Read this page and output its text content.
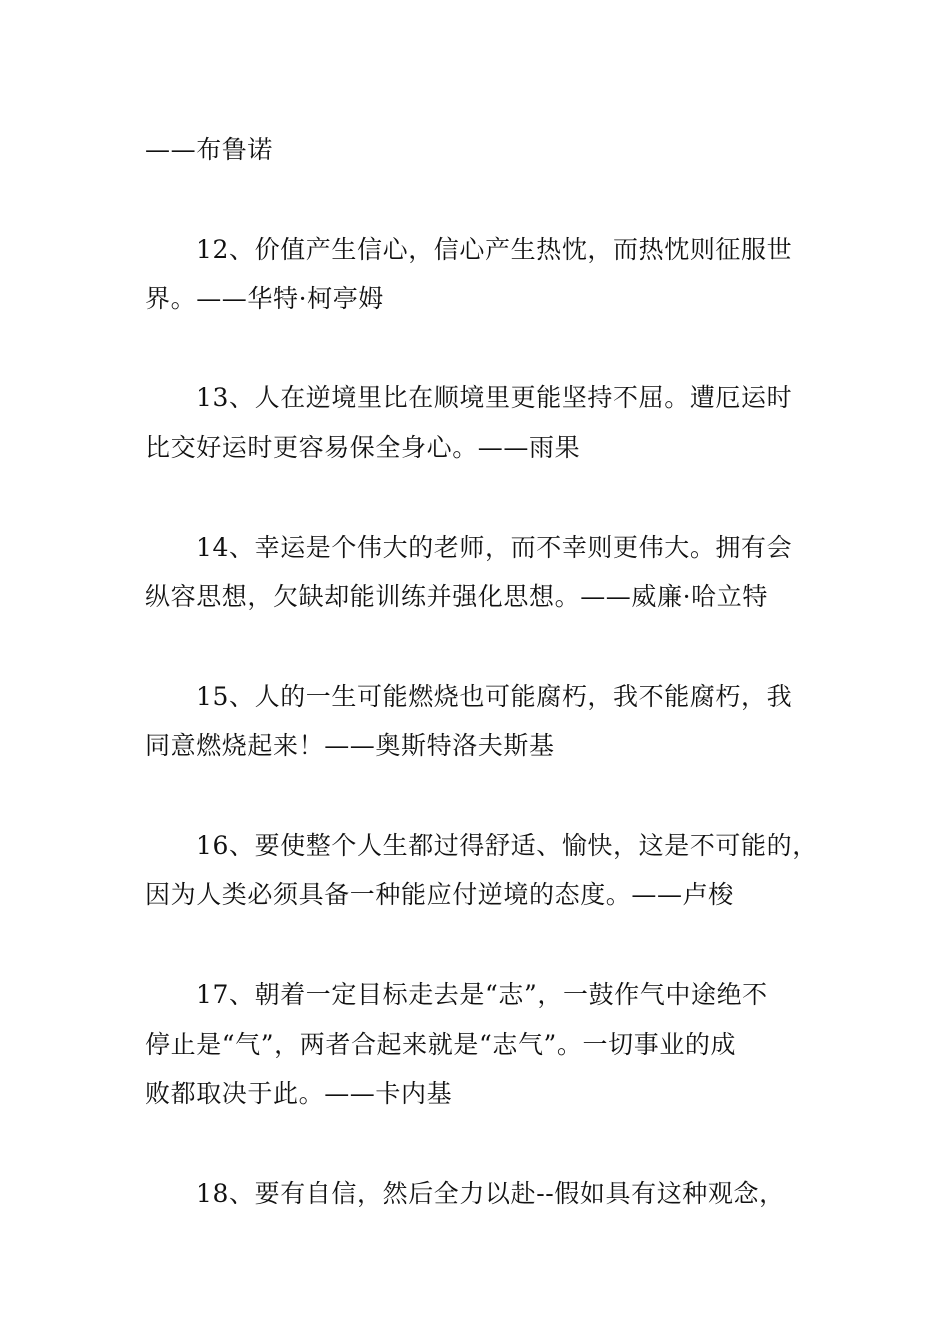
——布鲁诺
12、价值产生信心，信心产生热忱，而热忱则征服世
界。——华特·柯亭姆
13、人在逆境里比在顺境里更能坚持不屈。遭厄运时
比交好运时更容易保全身心。——雨果
14、幸运是个伟大的老师，而不幸则更伟大。拥有会
纵容思想，欠缺却能训练并强化思想。——威廉·哈立特
15、人的一生可能燃烧也可能腐朽，我不能腐朽，我
同意燃烧起来！——奥斯特洛夫斯基
16、要使整个人生都过得舒适、愉快，这是不可能的，
因为人类必须具备一种能应付逆境的态度。——卢梭
17、朝着一定目标走去是“志”，一鼓作气中途绝不
停止是“气”，两者合起来就是“志气”。一切事业的成
败都取决于此。——卡内基
18、要有自信，然后全力以赴--假如具有这种观念，
